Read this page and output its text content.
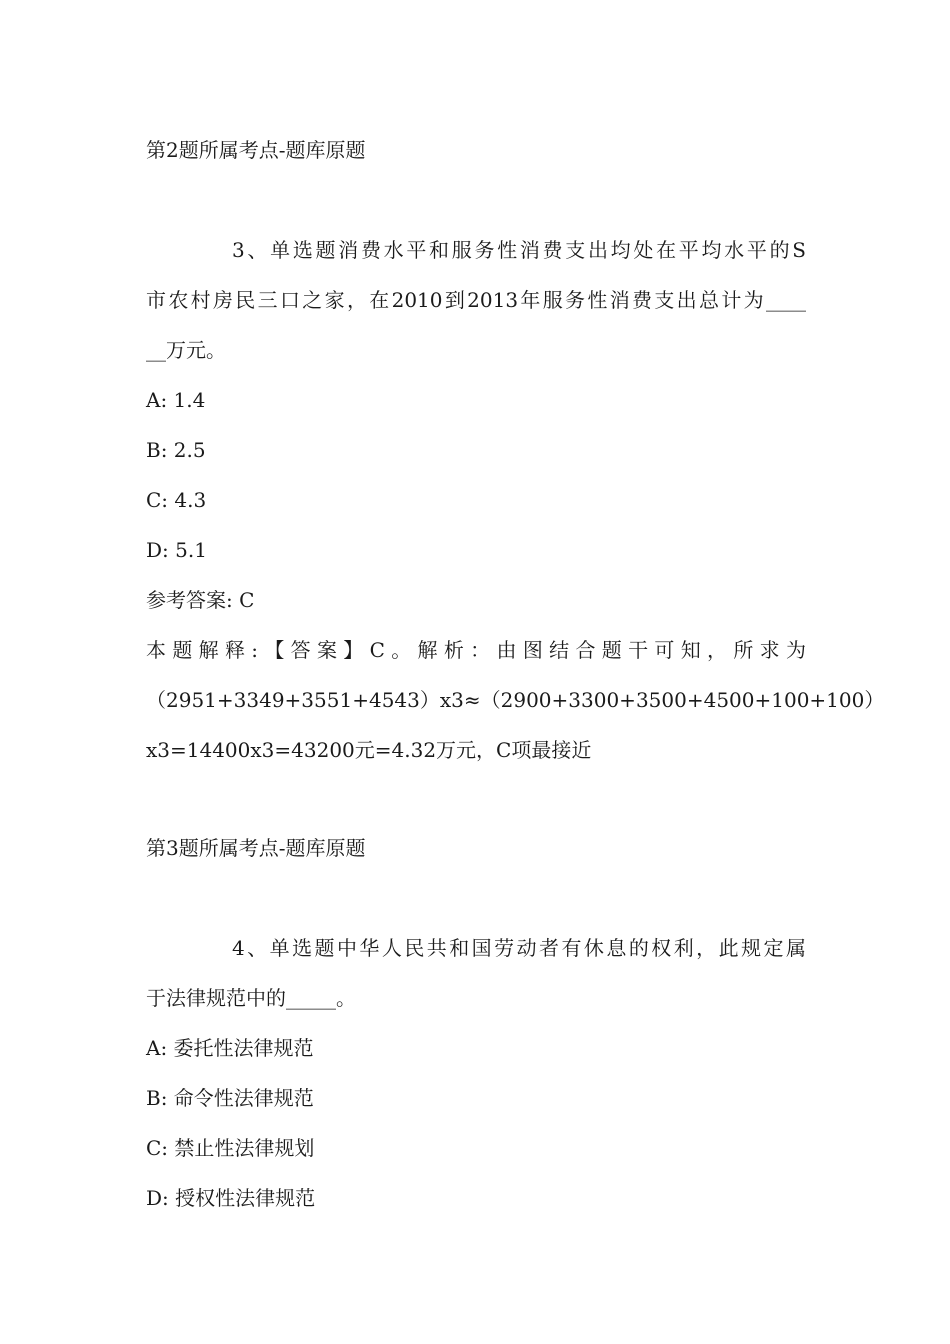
第2题所属考点-题库原题
3、单选题消费水平和服务性消费支出均处在平均水平的S
市农村房民三口之家，在2010到2013年服务性消费支出总计为____
__万元。
A: 1.4
B: 2.5
C: 4.3
D: 5.1
参考答案: C
本题解释:【答案】C。解析：由图结合题干可知，所求为
（2951+3349+3551+4543）x3≈（2900+3300+3500+4500+100+100）
x3=14400x3=43200元=4.32万元，C项最接近
第3题所属考点-题库原题
4、单选题中华人民共和国劳动者有休息的权利，此规定属
于法律规范中的_____。
A: 委托性法律规范
B: 命令性法律规范
C: 禁止性法律规划
D: 授权性法律规范
